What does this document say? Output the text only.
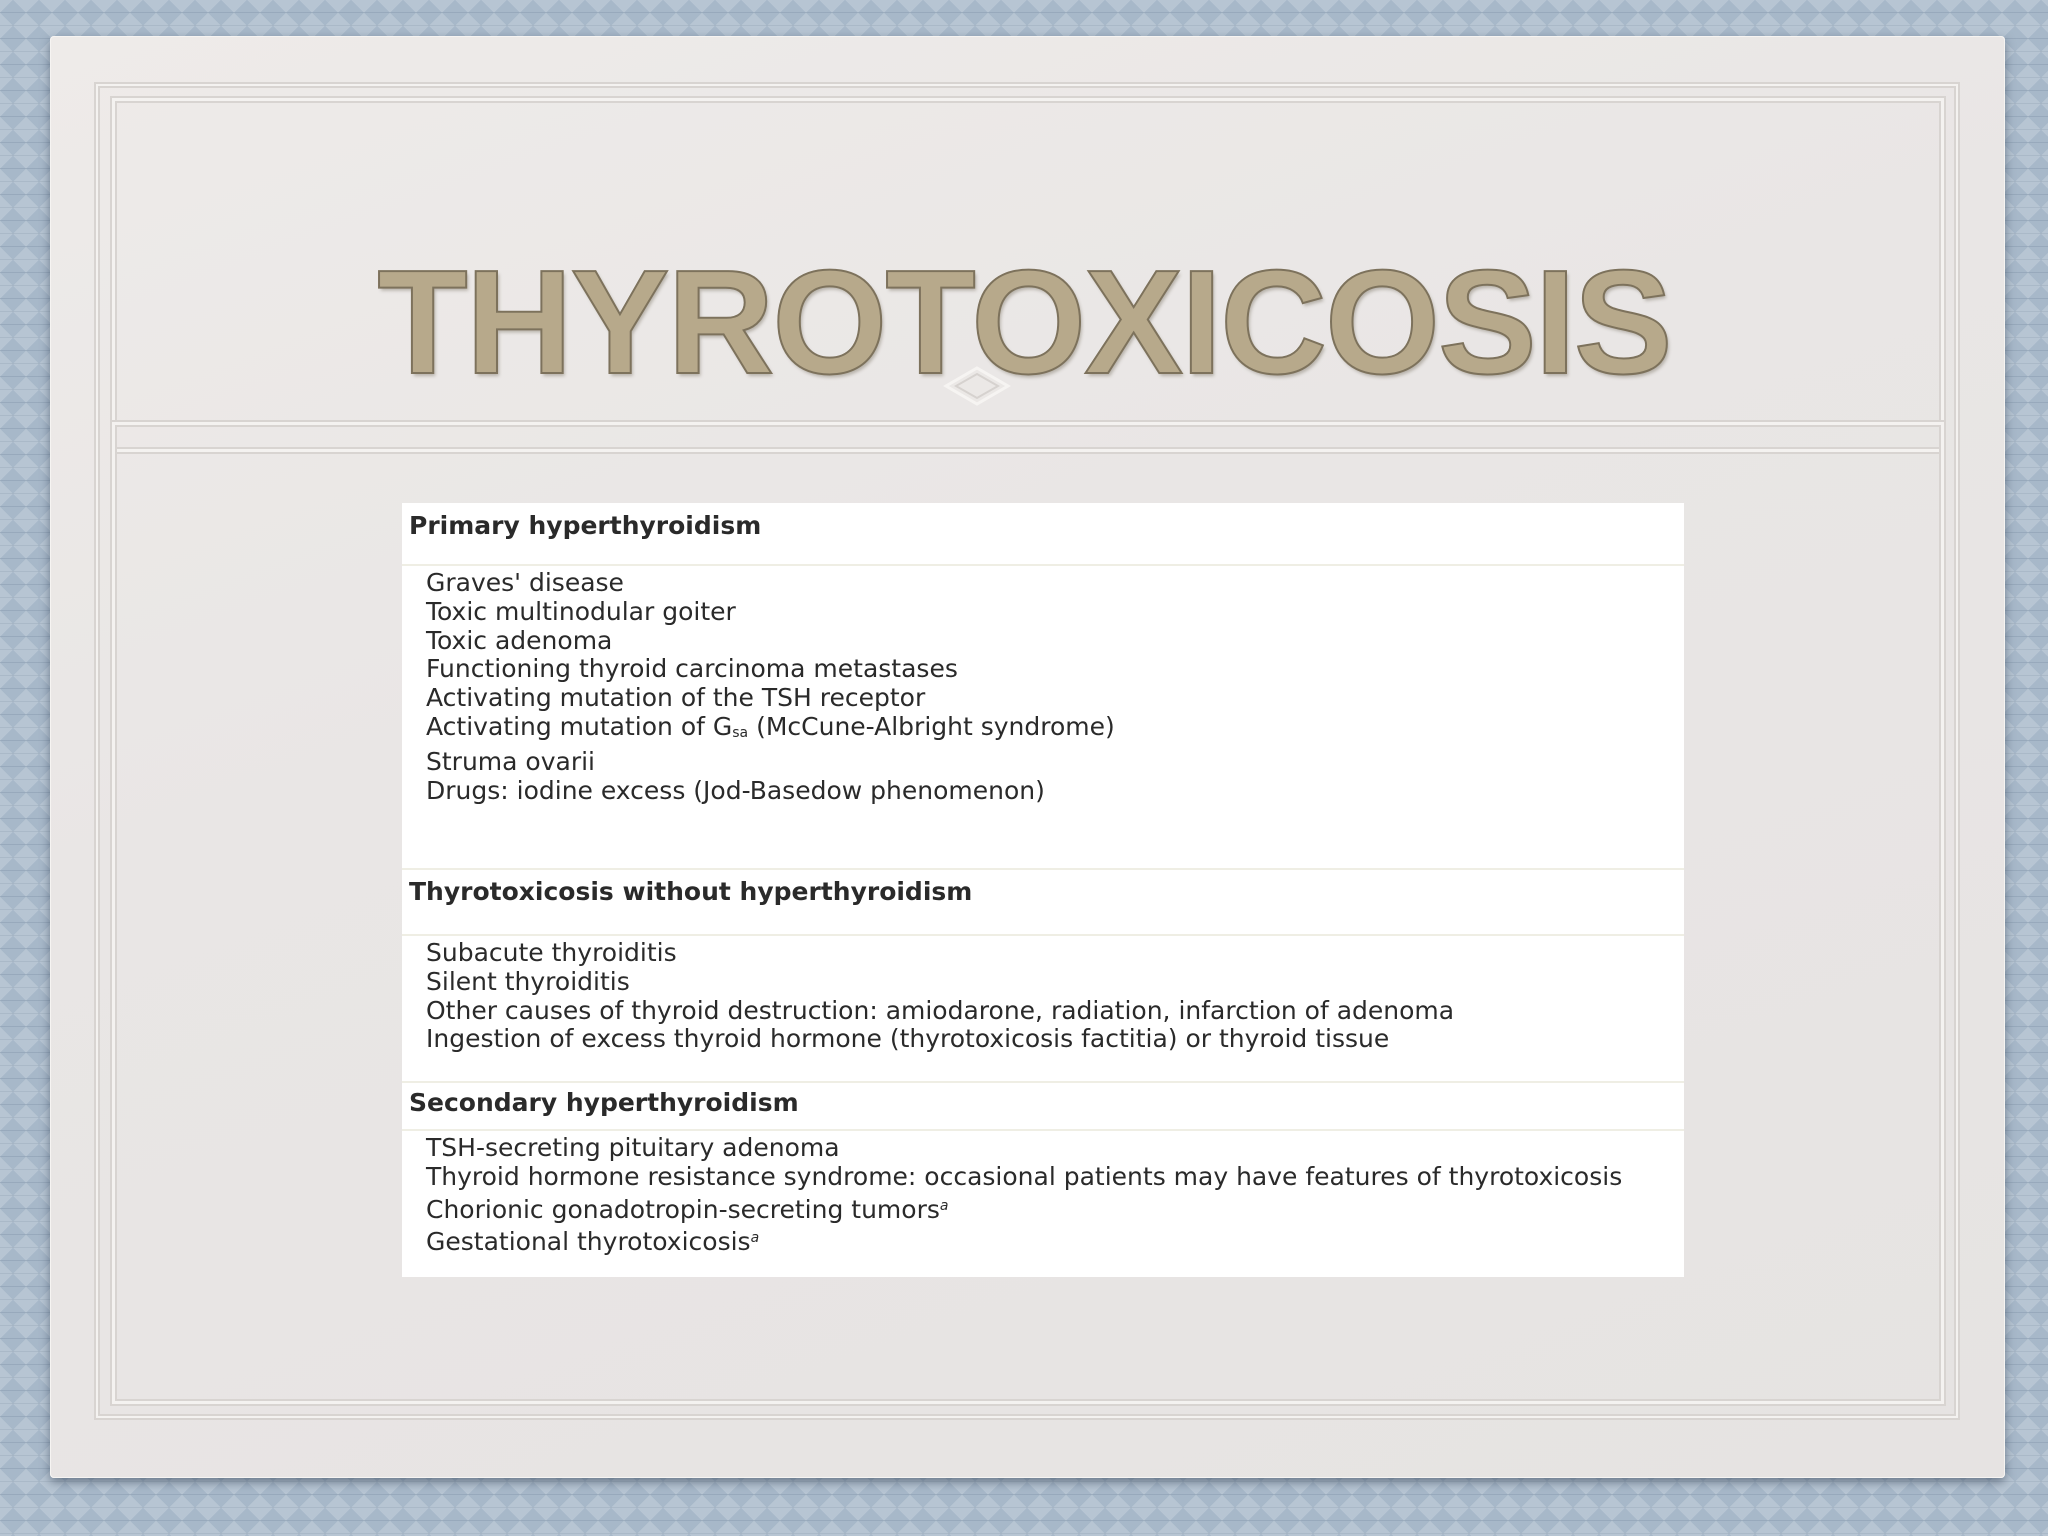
THYROTOXICOSIS
Primary hyperthyroidism
Graves' disease
Toxic multinodular goiter
Toxic adenoma
Functioning thyroid carcinoma metastases
Activating mutation of the TSH receptor
Activating mutation of Gsa (McCune-Albright syndrome)
Struma ovarii
Drugs: iodine excess (Jod-Basedow phenomenon)
Thyrotoxicosis without hyperthyroidism
Subacute thyroiditis
Silent thyroiditis
Other causes of thyroid destruction: amiodarone, radiation, infarction of adenoma
Ingestion of excess thyroid hormone (thyrotoxicosis factitia) or thyroid tissue
Secondary hyperthyroidism
TSH-secreting pituitary adenoma
Thyroid hormone resistance syndrome: occasional patients may have features of thyrotoxicosis
Chorionic gonadotropin-secreting tumors$^a$
Gestational thyrotoxicosis$^a$
